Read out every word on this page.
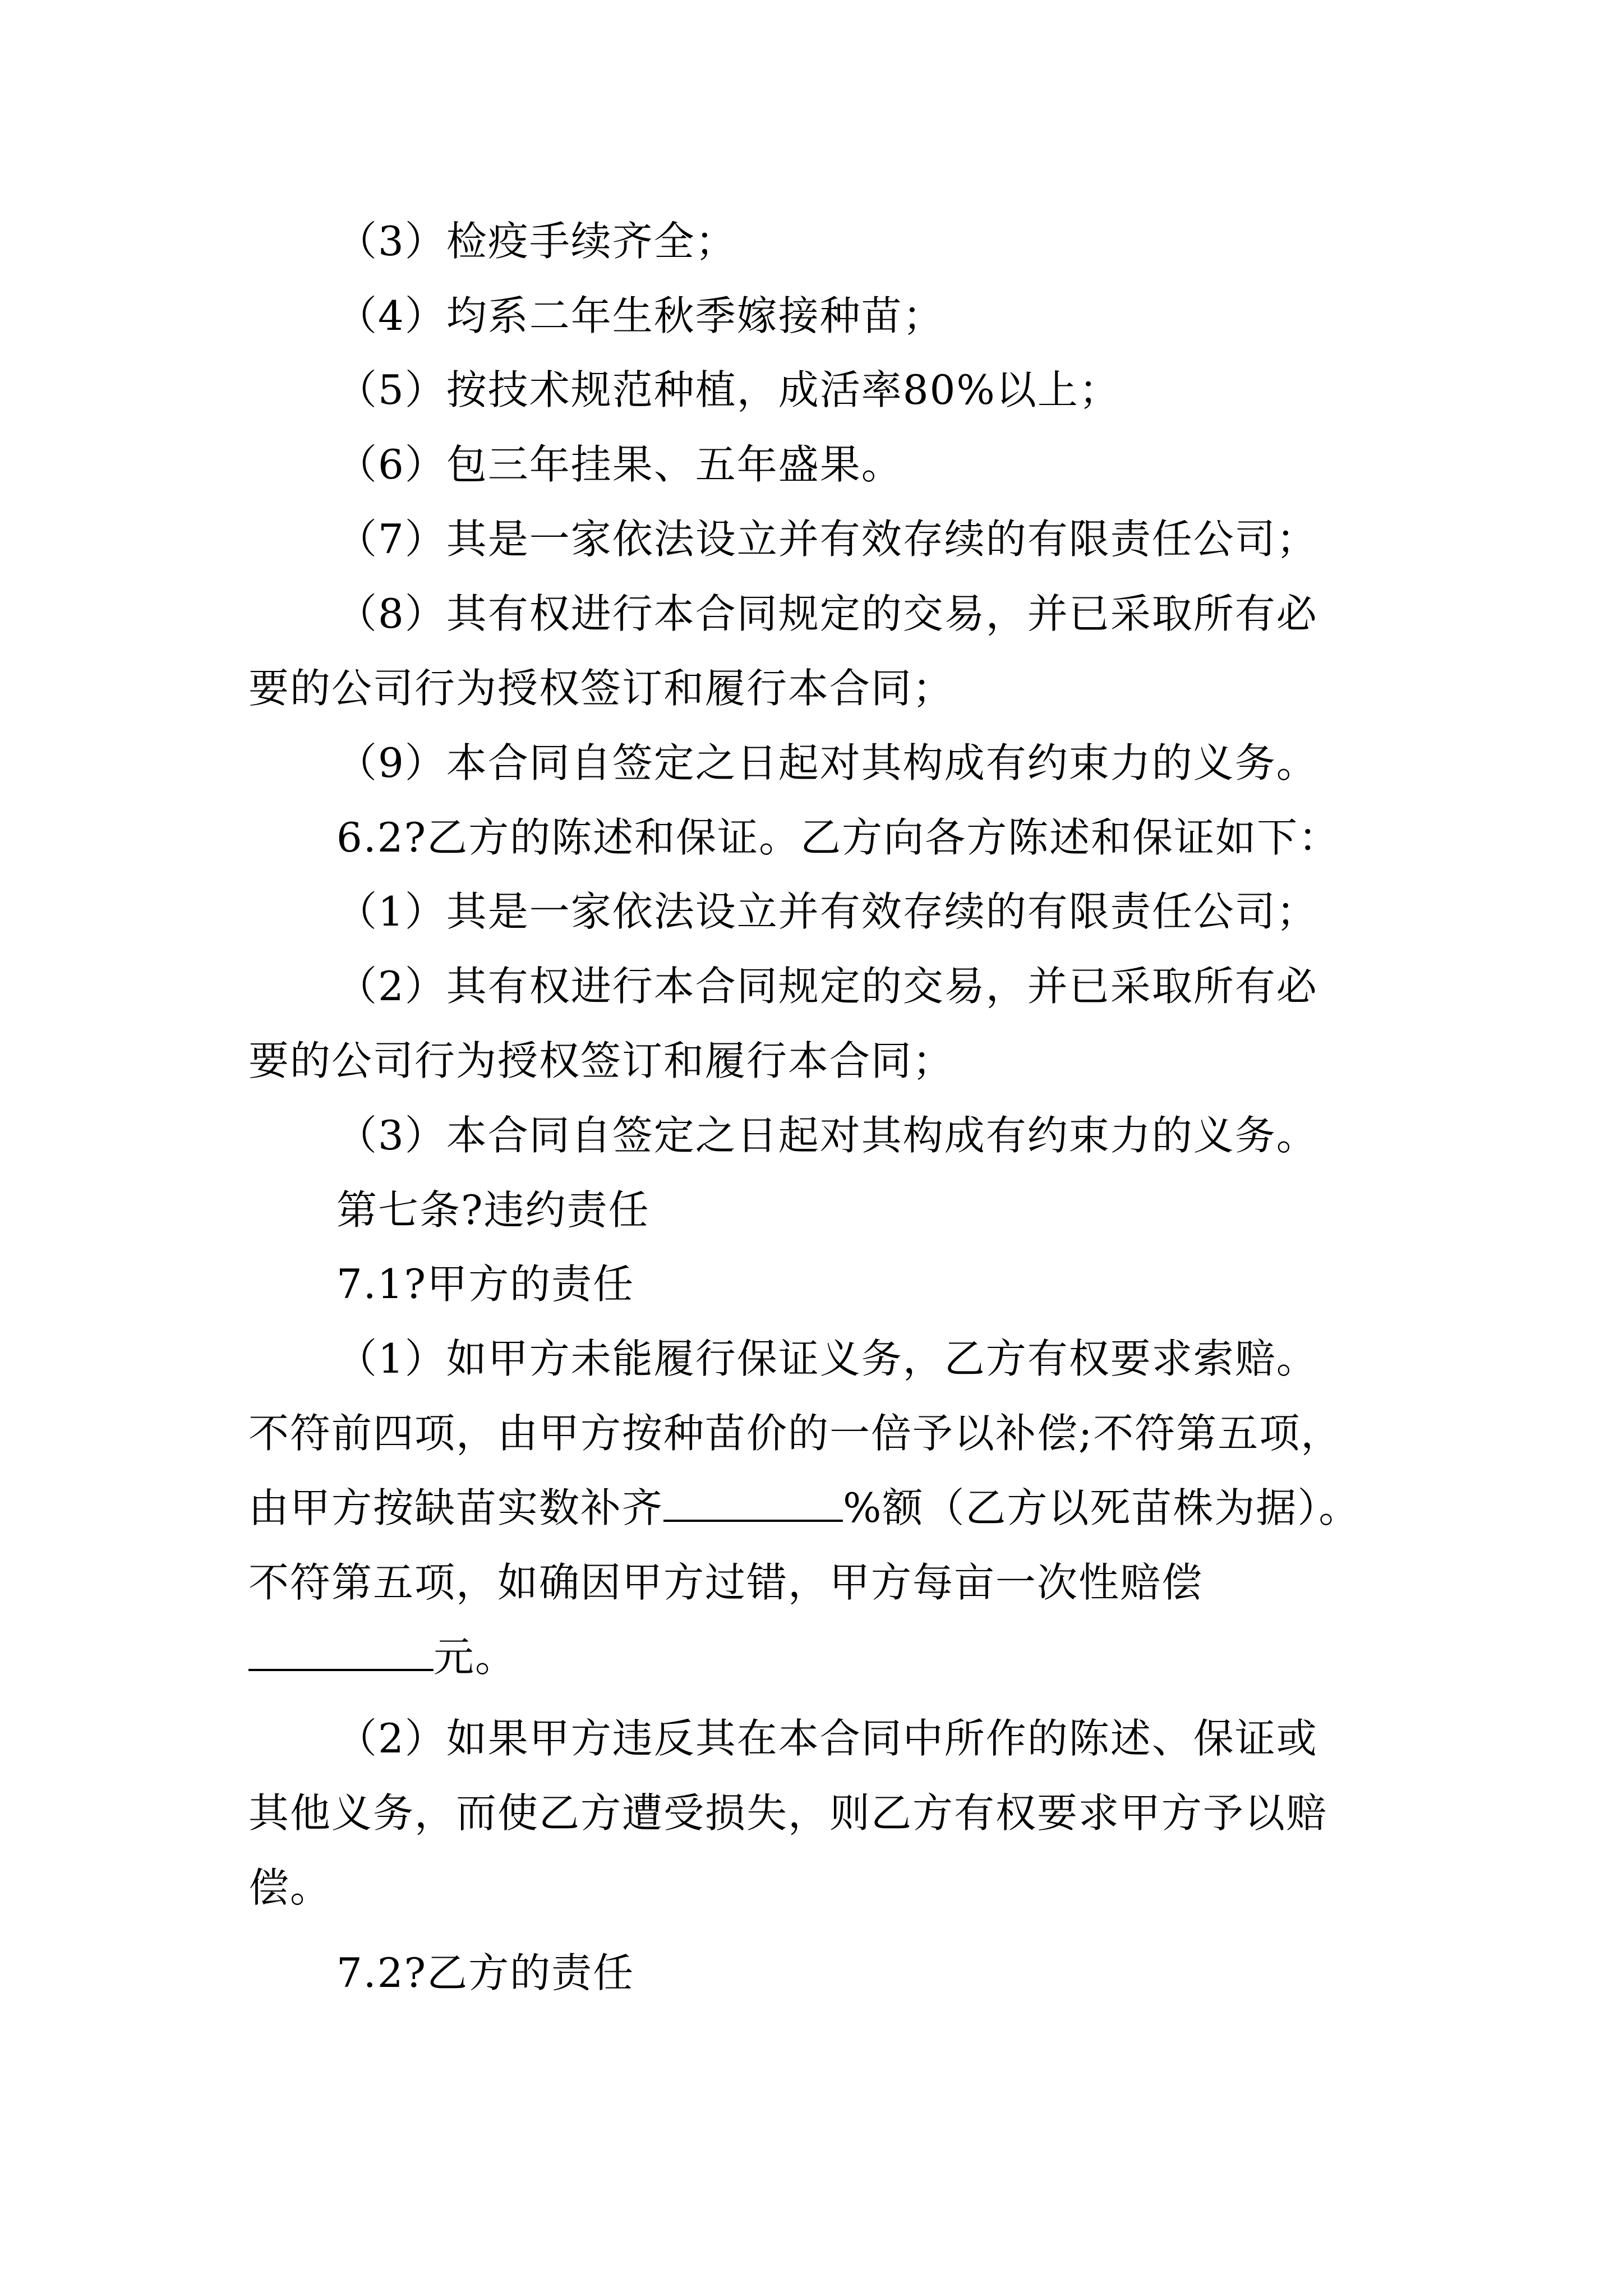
（3）检疫手续齐全；
（4）均系二年生秋季嫁接种苗；
（5）按技术规范种植，成活率80%以上；
（6）包三年挂果、五年盛果。
（7）其是一家依法设立并有效存续的有限责任公司；
（8）其有权进行本合同规定的交易，并已采取所有必
要的公司行为授权签订和履行本合同；
（9）本合同自签定之日起对其构成有约束力的义务。
6.2?乙方的陈述和保证。乙方向各方陈述和保证如下：
（1）其是一家依法设立并有效存续的有限责任公司；
（2）其有权进行本合同规定的交易，并已采取所有必
要的公司行为授权签订和履行本合同；
（3）本合同自签定之日起对其构成有约束力的义务。
第七条?违约责任
7.1?甲方的责任
（1）如甲方未能履行保证义务，乙方有权要求索赔。
不符前四项，由甲方按种苗价的一倍予以补偿;不符第五项，
由甲方按缺苗实数补齐	%额（乙方以死苗株为据）。
不符第五项，如确因甲方过错，甲方每亩一次性赔偿
元。
（2）如果甲方违反其在本合同中所作的陈述、保证或
其他义务，而使乙方遭受损失，则乙方有权要求甲方予以赔
偿。
7.2?乙方的责任
